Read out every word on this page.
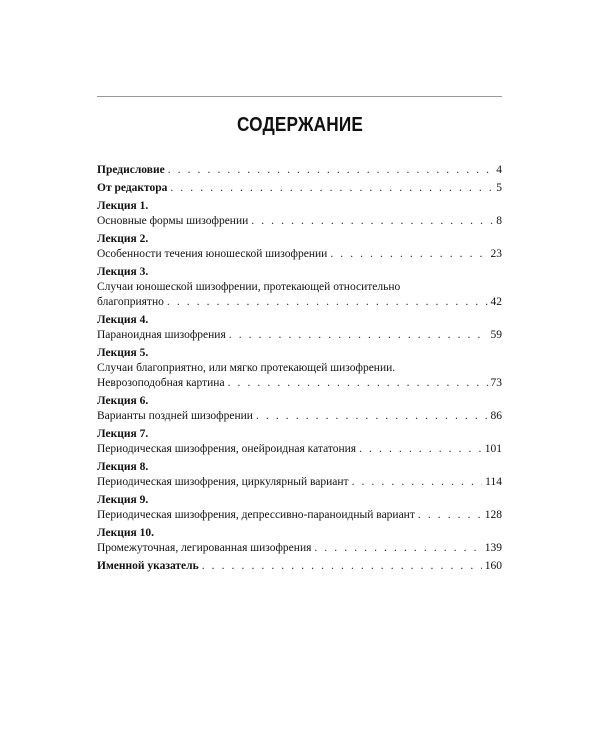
СОДЕРЖАНИЕ
Предисловие . . .	4
От редактора . . .	5
Лекция 1.
Основные формы шизофрении . . .	8
Лекция 2.
Особенности течения юношеской шизофрении . . .	23
Лекция 3.
Случаи юношеской шизофрении, протекающей относительно
благоприятно . . .	42
Лекция 4.
Параноидная шизофрения . . .	59
Лекция 5.
Случаи благоприятно, или мягко протекающей шизофрении.
Неврозоподобная картина . . .	73
Лекция 6.
Варианты поздней шизофрении . . .	86
Лекция 7.
Периодическая шизофрения, онейроидная кататония . . .	101
Лекция 8.
Периодическая шизофрения, циркулярный вариант . . .	114
Лекция 9.
Периодическая шизофрения, депрессивно-параноидный вариант . . .	128
Лекция 10.
Промежуточная, легированная шизофрения . . .	139
Именной указатель . . .	160
